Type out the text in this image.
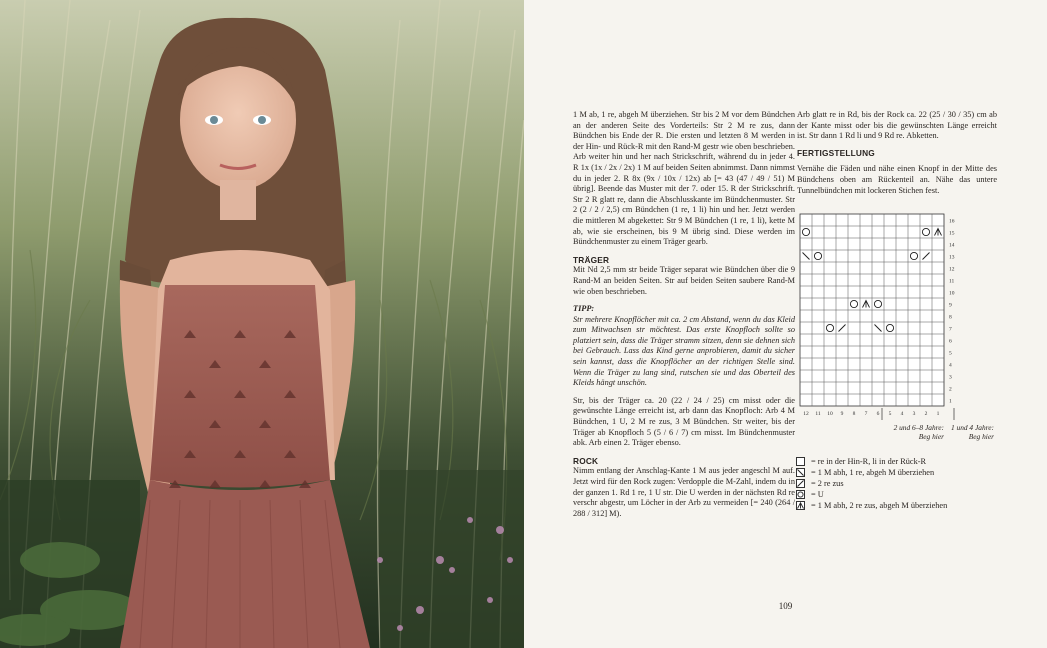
1 M ab, 1 re, abgeh M überziehen. Str bis 2 M vor dem Bündchen an der anderen Seite des Vorderteils: Str 2 M re zus, dann Bündchen bis Ende der R. Die ersten und letzten 8 M werden in der Hin- und Rück-R mit den Rand-M gestr wie oben beschrieben. Arb weiter hin und her nach Strickschrift, während du in jeder 4. R 1x (1x / 2x / 2x) 1 M auf beiden Seiten abnimmst. Dann nimmst du in jeder 2. R 8x (9x / 10x / 12x) ab [= 43 (47 / 49 / 51) M übrig]. Beende das Muster mit der 7. oder 15. R der Strickschrift. Str 2 R glatt re, dann die Abschlusskante im Bündchenmuster. Str 2 (2 / 2 / 2,5) cm Bündchen (1 re, 1 li) hin und her. Jetzt werden die mittleren M abgekettet: Str 9 M Bündchen (1 re, 1 li), kette M ab, wie sie erscheinen, bis 9 M übrig sind. Diese werden im Bündchenmuster zu einem Träger gearb.

TRÄGER

Mit Nd 2,5 mm str beide Träger separat wie Bündchen über die 9 Rand-M an beiden Seiten. Str auf beiden Seiten saubere Rand-M wie oben beschrieben.

TIPP:

Str mehrere Knopflöcher mit ca. 2 cm Abstand, wenn du das Kleid zum Mitwachsen str möchtest. Das erste Knopfloch sollte so platziert sein, dass die Träger stramm sitzen, denn sie dehnen sich bei Gebrauch. Lass das Kind gerne anprobieren, damit du sicher sein kannst, dass die Knopflöcher an der richtigen Stelle sind. Wenn die Träger zu lang sind, rutschen sie und das Oberteil des Kleids hängt unschön.

Str, bis der Träger ca. 20 (22 / 24 / 25) cm misst oder die gewünschte Länge erreicht ist, arb dann das Knopfloch: Arb 4 M Bündchen, 1 U, 2 M re zus, 3 M Bündchen. Str weiter, bis der Träger ab Knopfloch 5 (5 / 6 / 7) cm misst. Im Bündchenmuster abk. Arb einen 2. Träger ebenso.

ROCK

Nimm entlang der Anschlag-Kante 1 M aus jeder angeschl M auf. Jetzt wird für den Rock zugen: Verdopple die M-Zahl, indem du in der ganzen 1. Rd 1 re, 1 U str. Die U werden in der nächsten Rd re verschr abgestr, um Löcher in der Arb zu vermeiden [= 240 (264 / 288 / 312] M).

Arb glatt re in Rd, bis der Rock ca. 22 (25 / 30 / 35) cm ab der Kante misst oder bis die gewünschten Länge erreicht ist. Str dann 1 Rd li und 9 Rd re. Abketten.

FERTIGSTELLUNG

Vernähe die Fäden und nähe einen Knopf in der Mitte des Bündchens oben am Rückenteil an. Nähe das untere Tunnelbündchen mit lockeren Stichen fest.

16
15
14
13
12
11
10
9
8
7
6
5
4
3
2
1
12 11 10 9 8 7 6 5 4 3 2 1
2 und 6–8 Jahre:
Beg hier
1 und 4 Jahre:
Beg hier
= re in der Hin-R, li in der Rück-R
= 1 M abh, 1 re, abgeh M überziehen
= 2 re zus
= U
= 1 M abh, 2 re zus, abgeh M überziehen
109
